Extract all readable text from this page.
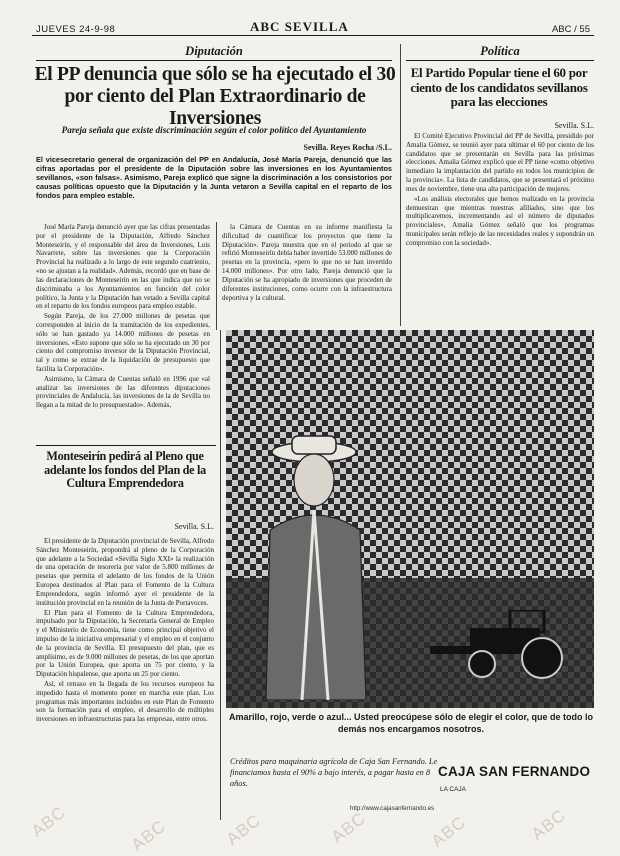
JUEVES 24-9-98	ABC SEVILLA	ABC / 55
Diputación
El PP denuncia que sólo se ha ejecutado el 30 por ciento del Plan Extraordinario de Inversiones
Pareja señala que existe discriminación según el color político del Ayuntamiento
Sevilla. Reyes Rocha /S.L.
El vicesecretario general de organización del PP en Andalucía, José María Pareja, denunció que las cifras aportadas por el presidente de la Diputación sobre las inversiones en los Ayuntamientos sevillanos, «son falsas». Asimismo, Pareja explicó que signe la discriminación a los consistorios por causas políticas opuesto que la Diputación y la Junta vetaron a Sevilla capital en el reparto de los fondos para empleo estable.

José María Pareja denunció ayer que las cifras presentadas por el presidente de la Diputación, Alfredo Sánchez Monteseirín, y el responsable del área de Inversiones, Luis Navarrete, sobre las inversiones que la Corporación Provincial ha realizado a lo largo de este segundo cuatrienio, «no se ajustan a la realidad». Además, recordó que en base de las declaraciones de Monteseirín en las que indica que no se discriminaba a los Ayuntamientos en función del color político, la Junta y la Diputación han vetado a Sevilla capital en el reparto de los fondos europeos para empleo estable.

Según Pareja, de los 27.000 millones de pesetas que corresponden al inicio de la tramitación de los expedientes, sólo se han gastado ya 14.000 millones de pesetas en inversiones. «Esto supone que sólo se ha ejecutado un 30 por ciento del compromiso inversor de la Diputación Provincial, tal y como se extrae de la liquidación de presupuesto que facilita la Corporación».

Asimismo, la Cámara de Cuentas señaló en 1996 que «al analizar las inversiones de las diferentes diputaciones provinciales de Andalucía, las inversiones de la de Sevilla no llegan a la mitad de lo presupuestado». Además,

la Cámara de Cuentas en su informe manifiesta la dificultad de cuantificar los proyectos que tiene la Diputación». Pareja muestra que en el periodo al que se refirió Monteseirín debía haber invertido 53.000 millones de pesetas en la provincia, «pero lo que no se han invertido 14.000 millones». Por otro lado, Pareja denunció que la Diputación se ha apropiado de inversiones que proceden de diferentes instituciones, como ocurre con la infraestructura deportiva y la cultural.

Política
El Partido Popular tiene el 60 por ciento de los candidatos sevillanos para las elecciones
Sevilla. S.L.

El Comité Ejecutivo Provincial del PP de Sevilla, presidido por Amalia Gómez, se reunió ayer para ultimar el 60 por ciento de los candidatos que se presentarán en Sevilla para las próximas elecciones. Amalia Gómez explicó que el PP tiene «como objetivo inmediato la implantación del partido en todos los municipios de la provincia». La lista de candidatos, que se presentará el próximo mes de noviembre, tiene una alta participación de mujeres.

«Los análisis electorales que hemos realizado en la provincia demuestran que mientras nuestras afiliados, sino que los multiplicaremos, incrementando así el número de diputados provinciales», Amalia Gómez señaló que los programas municipales serán reflejo de las necesidades reales y supondrán un compromiso con la sociedad».

Monteseirín pedirá al Pleno que adelante los fondos del Plan de la Cultura Emprendedora
Sevilla. S.L.

El presidente de la Diputación provincial de Sevilla, Alfredo Sánchez Monteseirín, propondrá al pleno de la Corporación que adelante a la Sociedad «Sevilla Siglo XXI» la realización de una operación de tesorería por valor de 5.800 millones de pesetas que permita el adelanto de los fondos de la Unión Europea destinados al Plan para el Fomento de la Cultura Emprendedora, según informó ayer el presidente de la institución provincial en la reunión de la Junta de Portavoces.

El Plan para el Fomento de la Cultura Emprendedora, impulsado por la Diputación, la Secretaría General de Empleo y el Ministerio de Economía, tiene como principal objetivo el impulso de la iniciativa empresarial y el empleo en el conjunto de la provincia de Sevilla. El presupuesto del plan, que es amplísimo, es de 9.000 millones de pesetas, de los que aportan por la Unión Europea, que aporta un 75 por ciento, y la Diputación hispalense, que aporta un 25 por ciento.

Así, el retraso en la llegada de los recursos europeos ha impedido hasta el momento poner en marcha este plan. Los programas más importantes incluidos en este Plan de Fomento son la formación para el empleo, el desarrollo de múltiples inversiones en infraestructuras para las empresas, entre otros.	Amarillo, rojo, verde o azul... Usted preocúpese sólo de elegir el color, que de todo lo demás nos encargamos nosotros.
Créditos para maquinaria agrícola de Caja San Fernando. Le financiamos hasta el 90% a bajo interés, a pagar hasta en 8 años.
CAJA SAN FERNANDO
LA CAJA
http://www.cajasanfernando.es
ABC	ABC	ABC	ABC	ABC	ABC
